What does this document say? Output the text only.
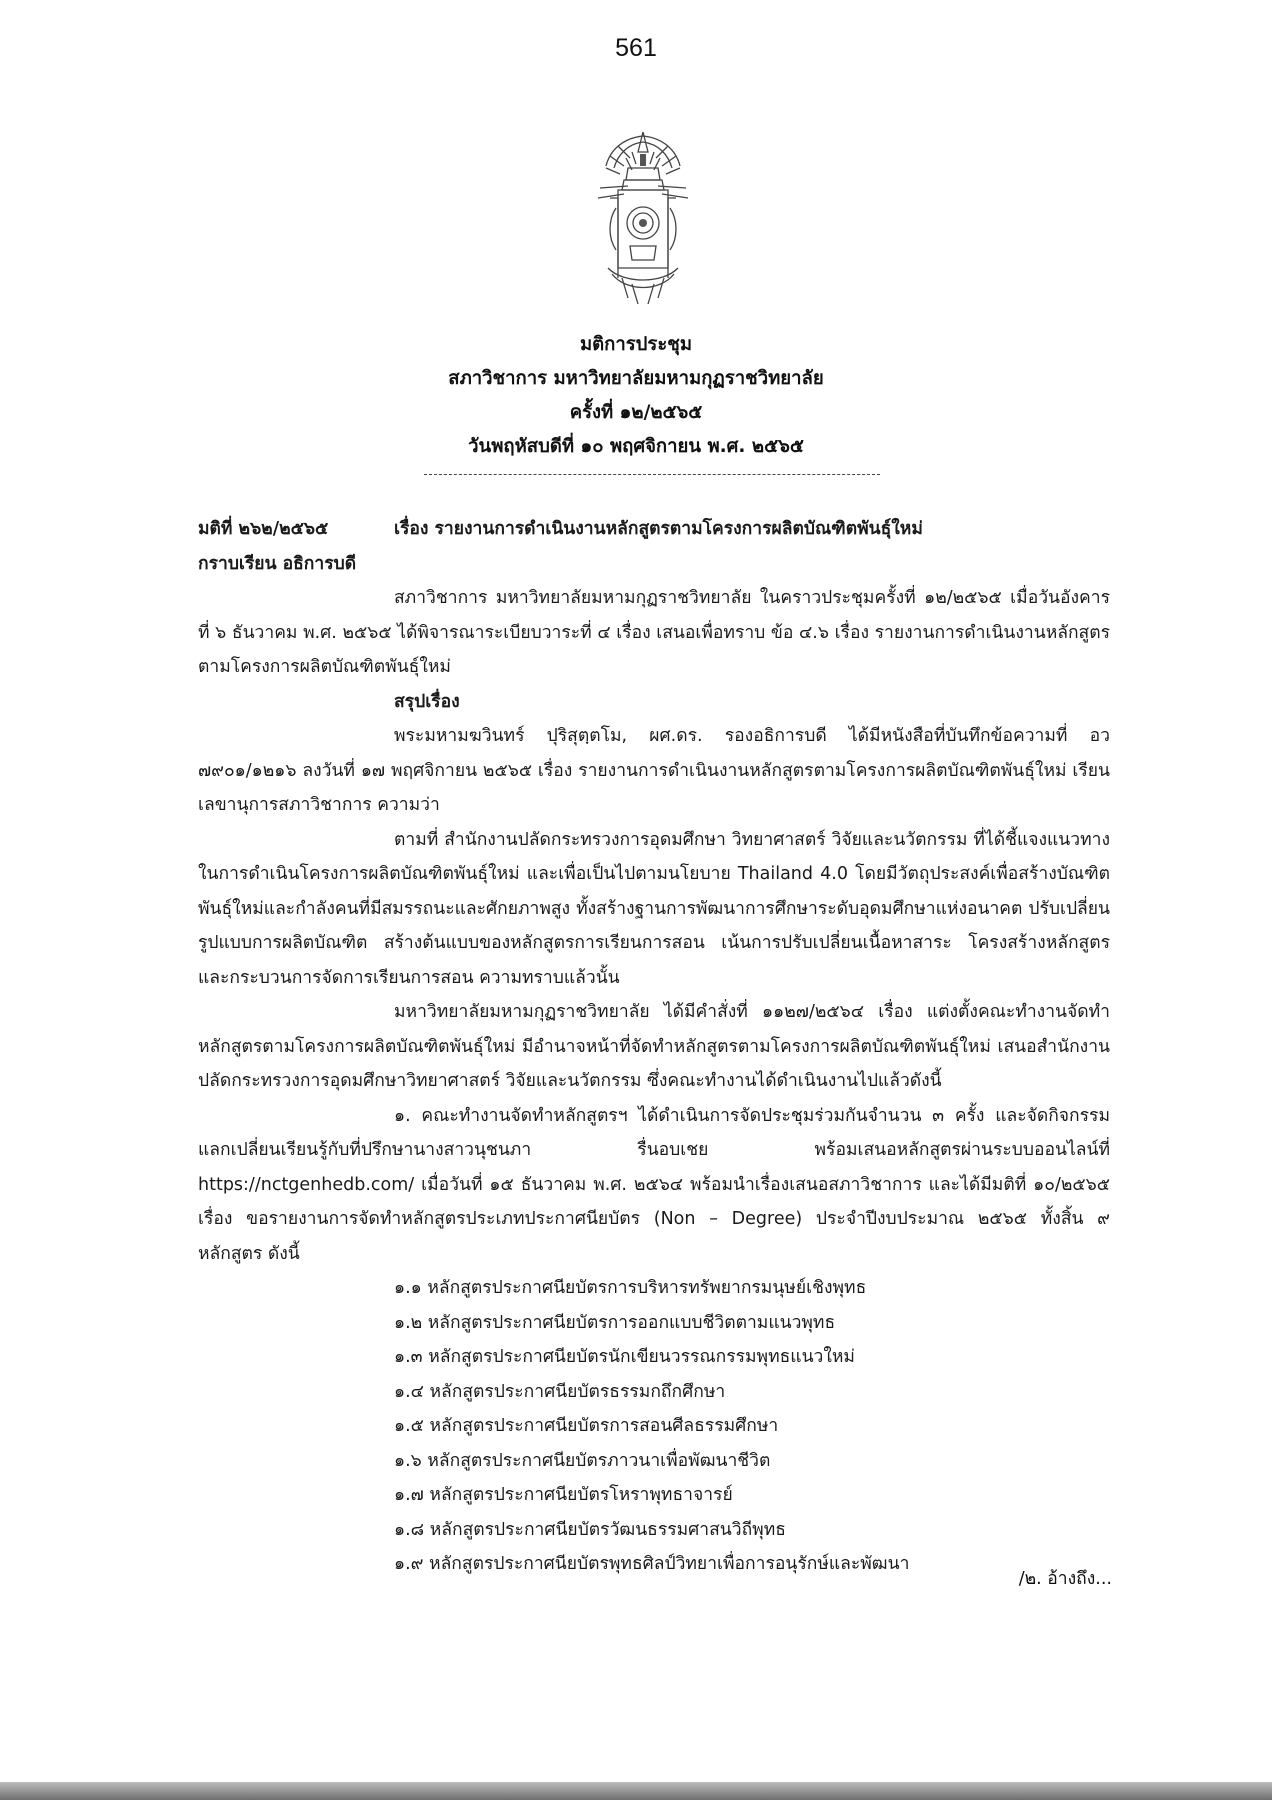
561
มติการประชุม
สภาวิชาการ มหาวิทยาลัยมหามกุฏราชวิทยาลัย
ครั้งที่ ๑๒/๒๕๖๕
วันพฤหัสบดีที่ ๑๐ พฤศจิกายน พ.ศ. ๒๕๖๕
มติที่ ๒๖๒/๒๕๖๕	เรื่อง รายงานการดำเนินงานหลักสูตรตามโครงการผลิตบัณฑิตพันธุ์ใหม่

กราบเรียน อธิการบดี

สภาวิชาการ มหาวิทยาลัยมหามกุฏราชวิทยาลัย ในคราวประชุมครั้งที่ ๑๒/๒๕๖๕ เมื่อวันอังคารที่ ๖ ธันวาคม พ.ศ. ๒๕๖๕ ได้พิจารณาระเบียบวาระที่ ๔ เรื่อง เสนอเพื่อทราบ ข้อ ๔.๖ เรื่อง รายงานการดำเนินงานหลักสูตรตามโครงการผลิตบัณฑิตพันธุ์ใหม่

สรุปเรื่อง

พระมหามฆวินทร์ ปุริสุตฺตโม, ผศ.ดร. รองอธิการบดี ได้มีหนังสือที่บันทึกข้อความที่ อว ๗๙๐๑/๑๒๑๖ ลงวันที่ ๑๗ พฤศจิกายน ๒๕๖๕ เรื่อง รายงานการดำเนินงานหลักสูตรตามโครงการผลิตบัณฑิตพันธุ์ใหม่ เรียน เลขานุการสภาวิชาการ ความว่า

ตามที่ สำนักงานปลัดกระทรวงการอุดมศึกษา วิทยาศาสตร์ วิจัยและนวัตกรรม ที่ได้ชี้แจงแนวทางในการดำเนินโครงการผลิตบัณฑิตพันธุ์ใหม่ และเพื่อเป็นไปตามนโยบาย Thailand 4.0 โดยมีวัตถุประสงค์เพื่อสร้างบัณฑิตพันธุ์ใหม่และกำลังคนที่มีสมรรถนะและศักยภาพสูง ทั้งสร้างฐานการพัฒนาการศึกษาระดับอุดมศึกษาแห่งอนาคต ปรับเปลี่ยนรูปแบบการผลิตบัณฑิต สร้างต้นแบบของหลักสูตรการเรียนการสอน เน้นการปรับเปลี่ยนเนื้อหาสาระ โครงสร้างหลักสูตร และกระบวนการจัดการเรียนการสอน ความทราบแล้วนั้น

มหาวิทยาลัยมหามกุฏราชวิทยาลัย ได้มีคำสั่งที่ ๑๑๒๗/๒๕๖๔ เรื่อง แต่งตั้งคณะทำงานจัดทำหลักสูตรตามโครงการผลิตบัณฑิตพันธุ์ใหม่ มีอำนาจหน้าที่จัดทำหลักสูตรตามโครงการผลิตบัณฑิตพันธุ์ใหม่ เสนอสำนักงานปลัดกระทรวงการอุดมศึกษาวิทยาศาสตร์ วิจัยและนวัตกรรม ซึ่งคณะทำงานได้ดำเนินงานไปแล้วดังนี้

๑. คณะทำงานจัดทำหลักสูตรฯ ได้ดำเนินการจัดประชุมร่วมกันจำนวน ๓ ครั้ง และจัดกิจกรรมแลกเปลี่ยนเรียนรู้กับที่ปรึกษานางสาวนุชนภา รื่นอบเชย พร้อมเสนอหลักสูตรผ่านระบบออนไลน์ที่ https://nctgenhedb.com/ เมื่อวันที่ ๑๕ ธันวาคม พ.ศ. ๒๕๖๔ พร้อมนำเรื่องเสนอสภาวิชาการ และได้มีมติที่ ๑๐/๒๕๖๕ เรื่อง ขอรายงานการจัดทำหลักสูตรประเภทประกาศนียบัตร (Non – Degree) ประจำปีงบประมาณ ๒๕๖๕ ทั้งสิ้น ๙ หลักสูตร ดังนี้

๑.๑ หลักสูตรประกาศนียบัตรการบริหารทรัพยากรมนุษย์เชิงพุทธ
๑.๒ หลักสูตรประกาศนียบัตรการออกแบบชีวิตตามแนวพุทธ
๑.๓ หลักสูตรประกาศนียบัตรนักเขียนวรรณกรรมพุทธแนวใหม่
๑.๔ หลักสูตรประกาศนียบัตรธรรมกถึกศึกษา
๑.๕ หลักสูตรประกาศนียบัตรการสอนศีลธรรมศึกษา
๑.๖ หลักสูตรประกาศนียบัตรภาวนาเพื่อพัฒนาชีวิต
๑.๗ หลักสูตรประกาศนียบัตรโหราพุทธาจารย์
๑.๘ หลักสูตรประกาศนียบัตรวัฒนธรรมศาสนวิถีพุทธ
๑.๙ หลักสูตรประกาศนียบัตรพุทธศิลป์วิทยาเพื่อการอนุรักษ์และพัฒนา
/๒. อ้างถึง...
